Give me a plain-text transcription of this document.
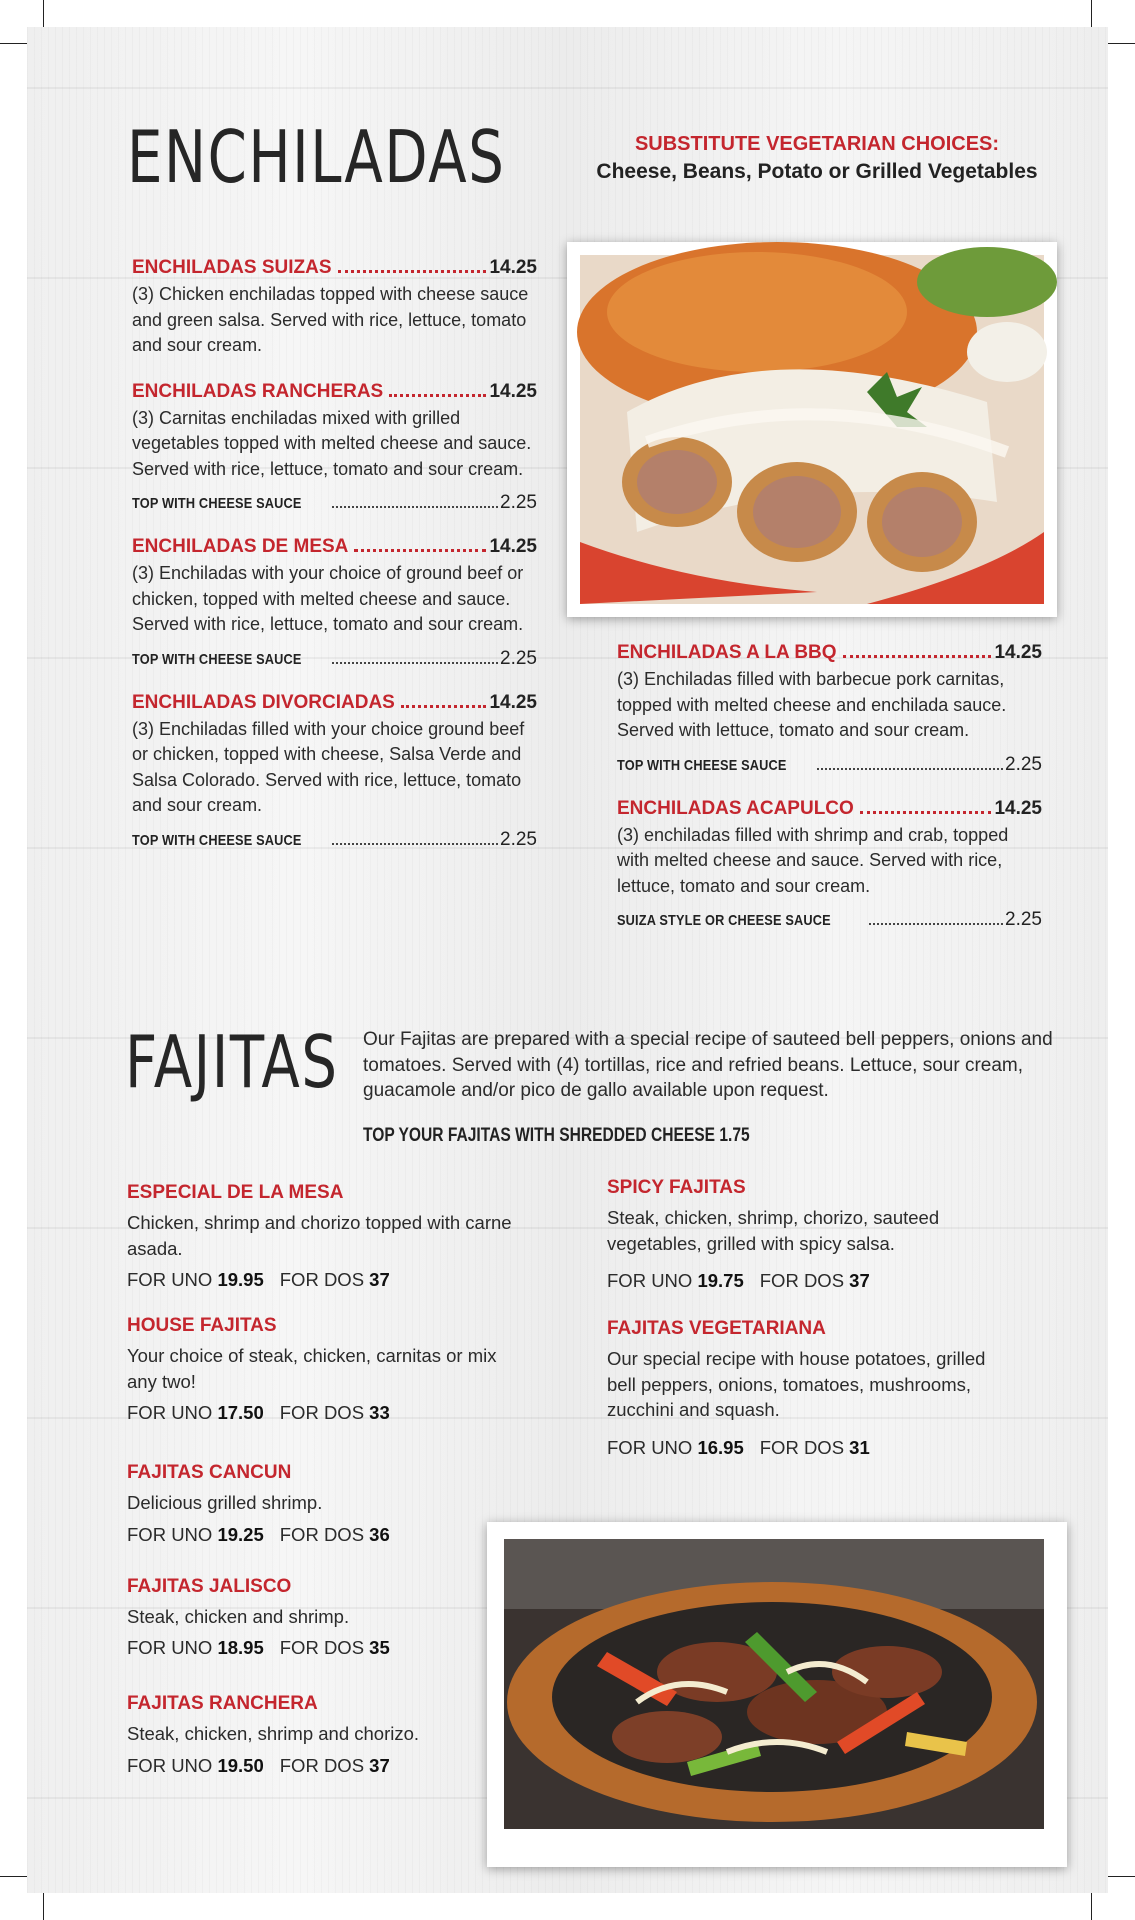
ENCHILADAS	SUBSTITUTE VEGETARIAN CHOICES:
Cheese, Beans, Potato or Grilled Vegetables
ENCHILADAS SUIZAS	14.25
(3) Chicken enchiladas topped with cheese sauce and green salsa. Served with rice, lettuce, tomato and sour cream.
ENCHILADAS RANCHERAS	14.25
(3) Carnitas enchiladas mixed with grilled vegetables topped with melted cheese and sauce. Served with rice, lettuce, tomato and sour cream.
TOP WITH CHEESE SAUCE	2.25
ENCHILADAS DE MESA	14.25
(3) Enchiladas with your choice of ground beef or chicken, topped with melted cheese and sauce. Served with rice, lettuce, tomato and sour cream.
TOP WITH CHEESE SAUCE	2.25
ENCHILADAS DIVORCIADAS	14.25
(3) Enchiladas filled with your choice ground beef or chicken, topped with cheese, Salsa Verde and Salsa Colorado. Served with rice, lettuce, tomato and sour cream.
TOP WITH CHEESE SAUCE	2.25
ENCHILADAS A LA BBQ	14.25
(3) Enchiladas filled with barbecue pork carnitas, topped with melted cheese and enchilada sauce. Served with lettuce, tomato and sour cream.
TOP WITH CHEESE SAUCE	2.25
ENCHILADAS ACAPULCO	14.25
(3) enchiladas filled with shrimp and crab, topped with melted cheese and sauce. Served with rice, lettuce, tomato and sour cream.
SUIZA STYLE OR CHEESE SAUCE	2.25
FAJITAS Our Fajitas are prepared with a special recipe of sauteed bell peppers, onions and tomatoes. Served with (4) tortillas, rice and refried beans. Lettuce, sour cream, guacamole and/or pico de gallo available upon request.
TOP YOUR FAJITAS WITH SHREDDED CHEESE 1.75
ESPECIAL DE LA MESA
Chicken, shrimp and chorizo topped with carne asada.
FOR UNO 19.95 FOR DOS 37
HOUSE FAJITAS
Your choice of steak, chicken, carnitas or mix any two!
FOR UNO 17.50 FOR DOS 33
FAJITAS CANCUN
Delicious grilled shrimp.
FOR UNO 19.25 FOR DOS 36
FAJITAS JALISCO
Steak, chicken and shrimp.
FOR UNO 18.95 FOR DOS 35
FAJITAS RANCHERA
Steak, chicken, shrimp and chorizo.
FOR UNO 19.50 FOR DOS 37
SPICY FAJITAS
Steak, chicken, shrimp, chorizo, sauteed vegetables, grilled with spicy salsa.
FOR UNO 19.75 FOR DOS 37
FAJITAS VEGETARIANA
Our special recipe with house potatoes, grilled bell peppers, onions, tomatoes, mushrooms, zucchini and squash.
FOR UNO 16.95 FOR DOS 31
